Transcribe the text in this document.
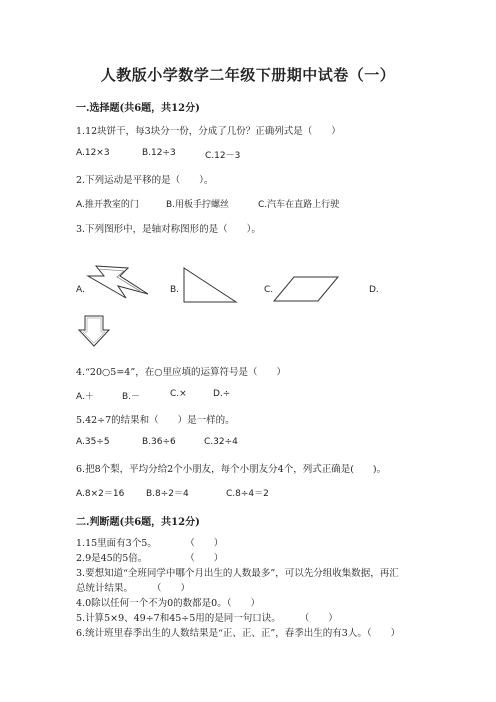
人教版小学数学二年级下册期中试卷（一）
一.选择题(共6题，共12分)
1.12块饼干，每3块分一份，分成了几份？正确列式是（　　）
A.12×3	B.12÷3	C.12－3
2.下列运动是平移的是（　　）。
A.推开教室的门	B.用板手拧螺丝	C.汽车在直路上行驶
3.下列图形中，是轴对称图形的是（　　）。
A.	B.	C.	D.
4.“20○5=4”，在○里应填的运算符号是（　　）
A.＋	B.－	C.×	D.÷
5.42÷7的结果和（　　）是一样的。
A.35÷5	B.36÷6	C.32÷4
6.把8个梨，平均分给2个小朋友，每个小朋友分4个，列式正确是(　　)。
A.8×2＝16 B.8÷2＝4	C.8÷4＝2
二.判断题(共6题，共12分)
1.15里面有3个5。　　　　（　　）
2.9是45的5倍。　　　　　（　　）
3.要想知道“全班同学中哪个月出生的人数最多”，可以先分组收集数据，再汇
总统计结果。　　　（　　）
4.0除以任何一个不为0的数都是0。（　　）
5.计算5×9、49÷7和45÷5用的是同一句口诀。　　　（　　）
6.统计班里春季出生的人数结果是“正、正、正”，春季出生的有3人。（　　）
